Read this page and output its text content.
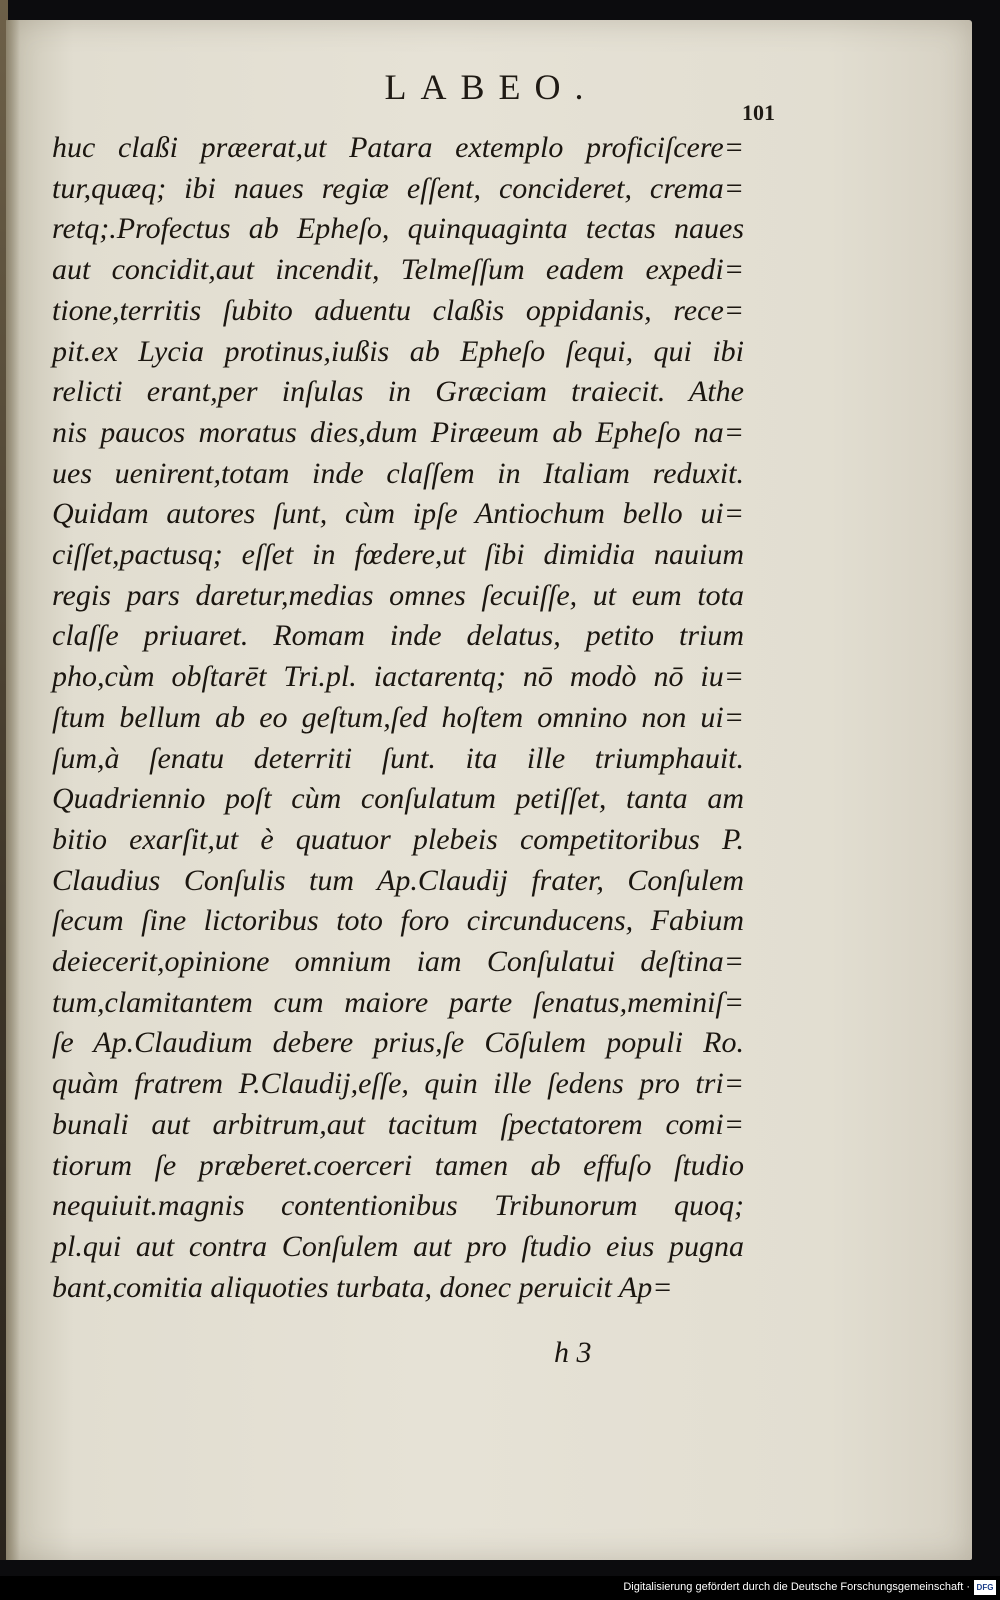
LABEO.
101
huc claßi præerat,ut Patara extemplo proficiſcere=
tur,quæq; ibi naues regiæ eſſent, concideret, crema=
retq;.Profectus ab Epheſo, quinquaginta tectas naues
aut concidit,aut incendit, Telmeſſum eadem expedi=
tione,territis ſubito aduentu claßis oppidanis, rece=
pit.ex Lycia protinus,iußis ab Epheſo ſequi, qui ibi
relicti erant,per inſulas in Græciam traiecit. Athe
nis paucos moratus dies,dum Piræeum ab Epheſo na=
ues uenirent,totam inde claſſem in Italiam reduxit.
Quidam autores ſunt, cùm ipſe Antiochum bello ui=
ciſſet,pactusq; eſſet in fœdere,ut ſibi dimidia nauium
regis pars daretur,medias omnes ſecuiſſe, ut eum tota
claſſe priuaret. Romam inde delatus, petito trium
pho,cùm obſtarēt Tri.pl. iactarentq; nō modò nō iu=
ſtum bellum ab eo geſtum,ſed hoſtem omnino non ui=
ſum,à ſenatu deterriti ſunt. ita ille triumphauit.
Quadriennio poſt cùm conſulatum petiſſet, tanta am
bitio exarſit,ut è quatuor plebeis competitoribus P.
Claudius Conſulis tum Ap.Claudij frater, Conſulem
ſecum ſine lictoribus toto foro circunducens, Fabium
deiecerit,opinione omnium iam Conſulatui deſtina=
tum,clamitantem cum maiore parte ſenatus,meminiſ=
ſe Ap.Claudium debere prius,ſe Cōſulem populi Ro.
quàm fratrem P.Claudij,eſſe, quin ille ſedens pro tri=
bunali aut arbitrum,aut tacitum ſpectatorem comi=
tiorum ſe præberet.coerceri tamen ab effuſo ſtudio
nequiuit.magnis contentionibus Tribunorum quoq;
pl.qui aut contra Conſulem aut pro ſtudio eius pugna
bant,comitia aliquoties turbata, donec peruicit Ap=
h 3
Digitalisierung gefördert durch die Deutsche Forschungsgemeinschaft · DFG
